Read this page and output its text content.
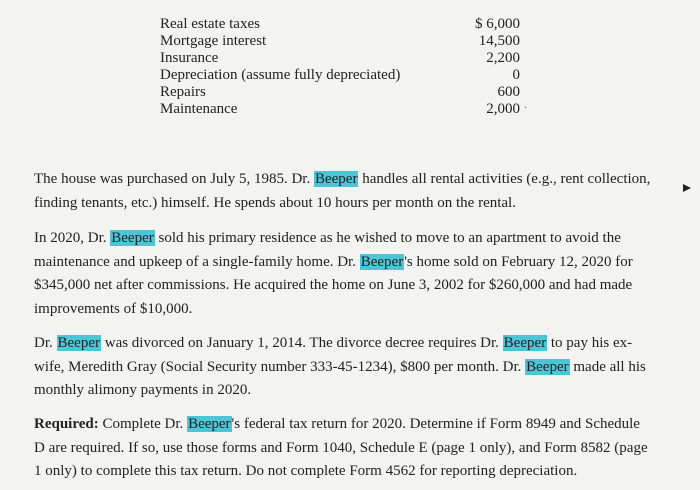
Real estate taxes	$ 6,000
Mortgage interest	14,500
Insurance	2,200
Depreciation (assume fully depreciated)	0
Repairs	600
Maintenance	2,000 .
The house was purchased on July 5, 1985. Dr. Beeper handles all rental activities (e.g., rent collection, finding tenants, etc.) himself. He spends about 10 hours per month on the rental.
In 2020, Dr. Beeper sold his primary residence as he wished to move to an apartment to avoid the maintenance and upkeep of a single-family home. Dr. Beeper's home sold on February 12, 2020 for $345,000 net after commissions. He acquired the home on June 3, 2002 for $260,000 and had made improvements of $10,000.
Dr. Beeper was divorced on January 1, 2014. The divorce decree requires Dr. Beeper to pay his ex-wife, Meredith Gray (Social Security number 333-45-1234), $800 per month. Dr. Beeper made all his monthly alimony payments in 2020.
Required: Complete Dr. Beeper's federal tax return for 2020. Determine if Form 8949 and Schedule D are required. If so, use those forms and Form 1040, Schedule E (page 1 only), and Form 8582 (page 1 only) to complete this tax return. Do not complete Form 4562 for reporting depreciation.
